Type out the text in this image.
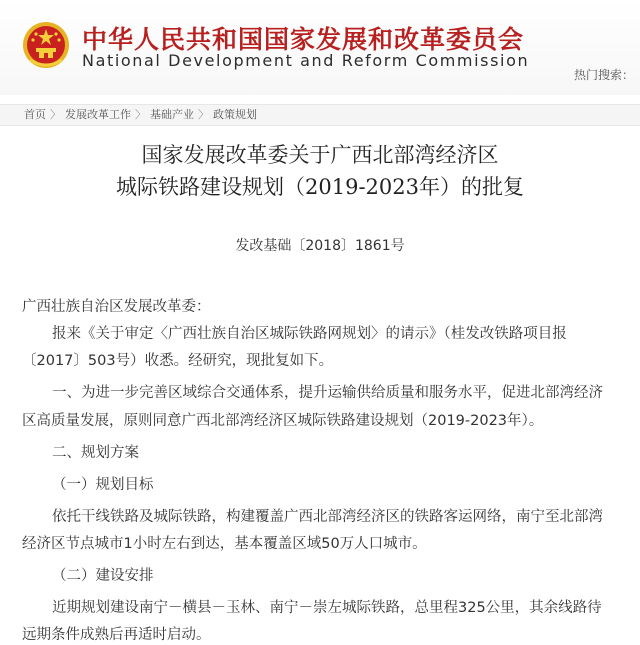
中华人民共和国国家发展和改革委员会
National Development and Reform Commission
热门搜索：
首页 〉 发展改革工作 〉 基础产业 〉 政策规划
国家发展改革委关于广西北部湾经济区
城际铁路建设规划（2019-2023年）的批复
发改基础〔2018〕1861号
广西壮族自治区发展改革委：
报来《关于审定〈广西壮族自治区城际铁路网规划〉的请示》（桂发改铁路项目报
〔2017〕503号）收悉。经研究，现批复如下。
一、为进一步完善区域综合交通体系，提升运输供给质量和服务水平，促进北部湾经济
区高质量发展，原则同意广西北部湾经济区城际铁路建设规划（2019-2023年）。
二、规划方案
（一）规划目标
依托干线铁路及城际铁路，构建覆盖广西北部湾经济区的铁路客运网络，南宁至北部湾
经济区节点城市1小时左右到达，基本覆盖区域50万人口城市。
（二）建设安排
近期规划建设南宁－横县－玉林、南宁－崇左城际铁路，总里程325公里，其余线路待
远期条件成熟后再适时启动。
